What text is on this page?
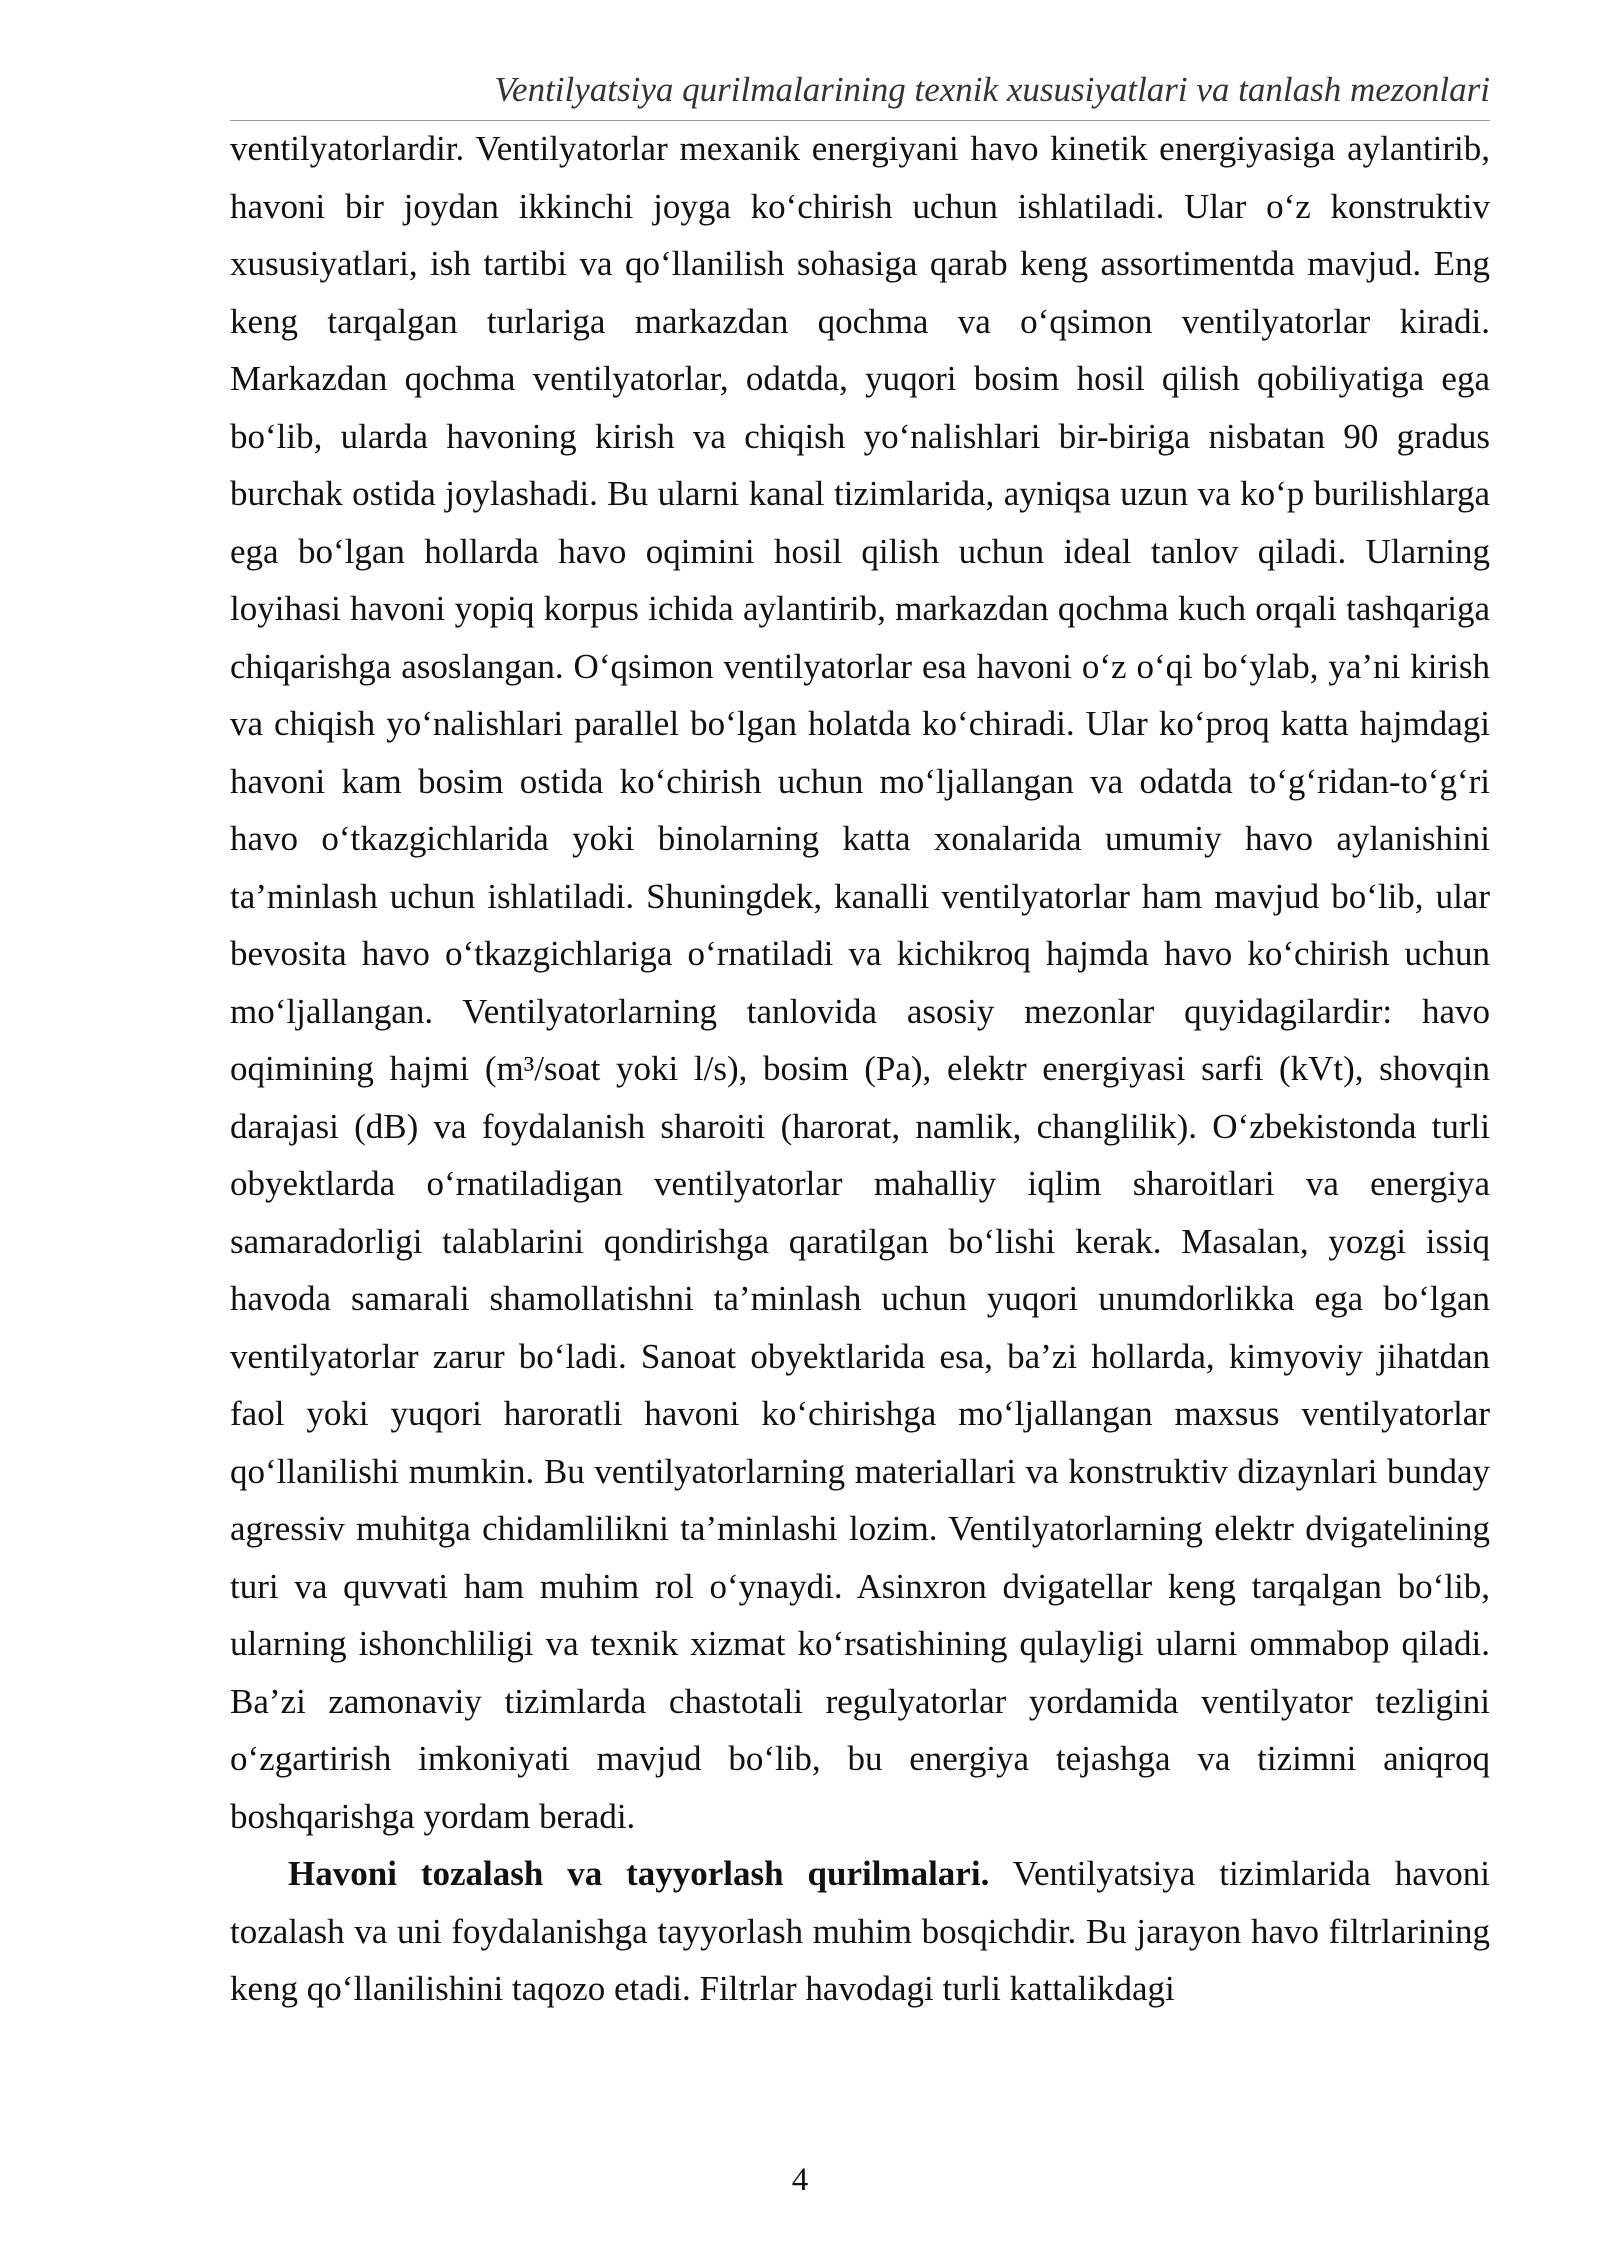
Ventilyatsiya qurilmalarining texnik xususiyatlari va tanlash mezonlari

ventilyatorlardir. Ventilyatorlar mexanik energiyani havo kinetik energiyasiga aylantirib, havoni bir joydan ikkinchi joyga ko‘chirish uchun ishlatiladi. Ular o‘z konstruktiv xususiyatlari, ish tartibi va qo‘llanilish sohasiga qarab keng assortimentda mavjud. Eng keng tarqalgan turlariga markazdan qochma va o‘qsimon ventilyatorlar kiradi. Markazdan qochma ventilyatorlar, odatda, yuqori bosim hosil qilish qobiliyatiga ega bo‘lib, ularda havoning kirish va chiqish yo‘nalishlari bir-biriga nisbatan 90 gradus burchak ostida joylashadi. Bu ularni kanal tizimlarida, ayniqsa uzun va ko‘p burilishlarga ega bo‘lgan hollarda havo oqimini hosil qilish uchun ideal tanlov qiladi. Ularning loyihasi havoni yopiq korpus ichida aylantirib, markazdan qochma kuch orqali tashqariga chiqarishga asoslangan. O‘qsimon ventilyatorlar esa havoni o‘z o‘qi bo‘ylab, ya’ni kirish va chiqish yo‘nalishlari parallel bo‘lgan holatda ko‘chiradi. Ular ko‘proq katta hajmdagi havoni kam bosim ostida ko‘chirish uchun mo‘ljallangan va odatda to‘g‘ridan-to‘g‘ri havo o‘tkazgichlarida yoki binolarning katta xonalarida umumiy havo aylanishini ta’minlash uchun ishlatiladi. Shuningdek, kanalli ventilyatorlar ham mavjud bo‘lib, ular bevosita havo o‘tkazgichlariga o‘rnatiladi va kichikroq hajmda havo ko‘chirish uchun mo‘ljallangan. Ventilyatorlarning tanlovida asosiy mezonlar quyidagilardir: havo oqimining hajmi (m³/soat yoki l/s), bosim (Pa), elektr energiyasi sarfi (kVt), shovqin darajasi (dB) va foydalanish sharoiti (harorat, namlik, changlilik). O‘zbekistonda turli obyektlarda o‘rnatiladigan ventilyatorlar mahalliy iqlim sharoitlari va energiya samaradorligi talablarini qondirishga qaratilgan bo‘lishi kerak. Masalan, yozgi issiq havoda samarali shamollatishni ta’minlash uchun yuqori unumdorlikka ega bo‘lgan ventilyatorlar zarur bo‘ladi. Sanoat obyektlarida esa, ba’zi hollarda, kimyoviy jihatdan faol yoki yuqori haroratli havoni ko‘chirishga mo‘ljallangan maxsus ventilyatorlar qo‘llanilishi mumkin. Bu ventilyatorlarning materiallari va konstruktiv dizaynlari bunday agressiv muhitga chidamlilikni ta’minlashi lozim. Ventilyatorlarning elektr dvigatelining turi va quvvati ham muhim rol o‘ynaydi. Asinxron dvigatellar keng tarqalgan bo‘lib, ularning ishonchliligi va texnik xizmat ko‘rsatishining qulayligi ularni ommabop qiladi. Ba’zi zamonaviy tizimlarda chastotali regulyatorlar yordamida ventilyator tezligini o‘zgartirish imkoniyati mavjud bo‘lib, bu energiya tejashga va tizimni aniqroq boshqarishga yordam beradi.

Havoni tozalash va tayyorlash qurilmalari. Ventilyatsiya tizimlarida havoni tozalash va uni foydalanishga tayyorlash muhim bosqichdir. Bu jarayon havo filtrlarining keng qo‘llanilishini taqozo etadi. Filtrlar havodagi turli kattalikdagi

4
